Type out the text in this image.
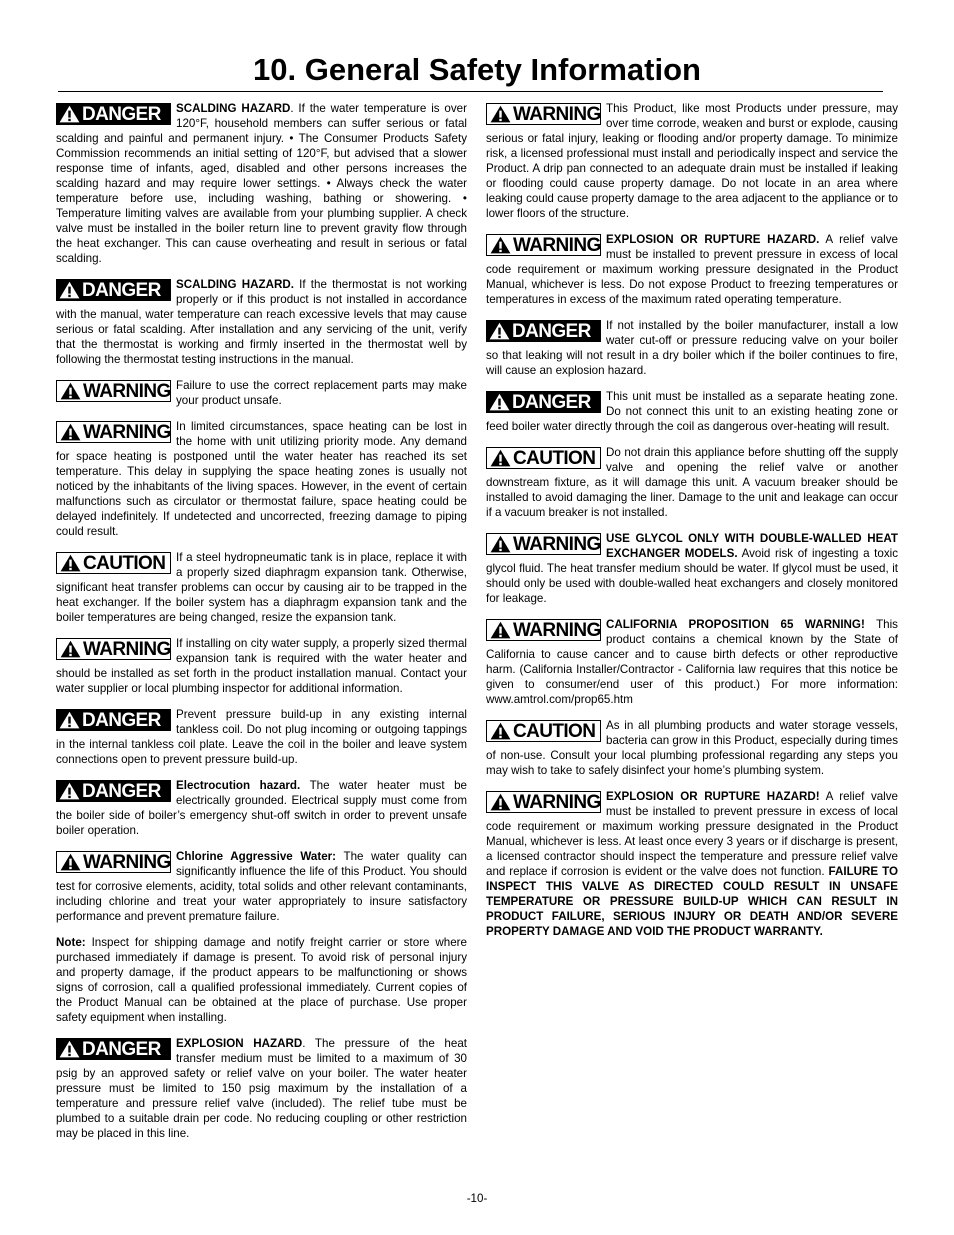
10. General Safety Information
DANGER	SCALDING HAZARD. If the water temperature is over 120°F, household members can suffer serious or fatal scalding and painful and permanent injury. • The Consumer Products Safety Commission recommends an initial setting of 120°F, but advised that a slower response time of infants, aged, disabled and other persons increases the scalding hazard and may require lower settings. • Always check the water temperature before use, including washing, bathing or showering. • Temperature limiting valves are available from your plumbing supplier. A check valve must be installed in the boiler return line to prevent gravity flow through the heat exchanger. This can cause overheating and result in serious or fatal scalding.

DANGER	SCALDING HAZARD. If the thermostat is not working properly or if this product is not installed in accordance with the manual, water temperature can reach excessive levels that may cause serious or fatal scalding. After installation and any servicing of the unit, verify that the thermostat is working and firmly inserted in the thermostat well by following the thermostat testing instructions in the manual.

WARNING Failure to use the correct replacement parts may make your product unsafe.

WARNING In limited circumstances, space heating can be lost in the home with unit utilizing priority mode. Any demand for space heating is postponed until the water heater has reached its set temperature. This delay in supplying the space heating zones is usually not noticed by the inhabitants of the living spaces. However, in the event of certain malfunctions such as circulator or thermostat failure, space heating could be delayed indefinitely. If undetected and uncorrected, freezing damage to piping could result.

CAUTION If a steel hydropneumatic tank is in place, replace it with a properly sized diaphragm expansion tank. Otherwise, significant heat transfer problems can occur by causing air to be trapped in the heat exchanger. If the boiler system has a diaphragm expansion tank and the boiler temperatures are being changed, resize the expansion tank.

WARNING If installing on city water supply, a properly sized thermal expansion tank is required with the water heater and should be installed as set forth in the product installation manual. Contact your water supplier or local plumbing inspector for additional information.

DANGER	Prevent pressure build-up in any existing internal tankless coil. Do not plug incoming or outgoing tappings in the internal tankless coil plate. Leave the coil in the boiler and leave system connections open to prevent pressure build-up.

DANGER	Electrocution hazard. The water heater must be electrically grounded. Electrical supply must come from the boiler side of boiler’s emergency shut-off switch in order to prevent unsafe boiler operation.

WARNING Chlorine Aggressive Water: The water quality can significantly influence the life of this Product. You should test for corrosive elements, acidity, total solids and other relevant contaminants, including chlorine and treat your water appropriately to insure satisfactory performance and prevent premature failure.

Note: Inspect for shipping damage and notify freight carrier or store where purchased immediately if damage is present. To avoid risk of personal injury and property damage, if the product appears to be malfunctioning or shows signs of corrosion, call a qualified professional immediately. Current copies of the Product Manual can be obtained at the place of purchase. Use proper safety equipment when installing.

DANGER	EXPLOSION HAZARD. The pressure of the heat transfer medium must be limited to a maximum of 30 psig by an approved safety or relief valve on your boiler. The water heater pressure must be limited to 150 psig maximum by the installation of a temperature and pressure relief valve (included). The relief tube must be plumbed to a suitable drain per code. No reducing coupling or other restriction may be placed in this line.

WARNING This Product, like most Products under pressure, may over time corrode, weaken and burst or explode, causing serious or fatal injury, leaking or flooding and/or property damage. To minimize risk, a licensed professional must install and periodically inspect and service the Product. A drip pan connected to an adequate drain must be installed if leaking or flooding could cause property damage. Do not locate in an area where leaking could cause property damage to the area adjacent to the appliance or to lower floors of the structure.

WARNING EXPLOSION OR RUPTURE HAZARD. A relief valve must be installed to prevent pressure in excess of local code requirement or maximum working pressure designated in the Product Manual, whichever is less. Do not expose Product to freezing temperatures or temperatures in excess of the maximum rated operating temperature.

DANGER	If not installed by the boiler manufacturer, install a low water cut-off or pressure reducing valve on your boiler so that leaking will not result in a dry boiler which if the boiler continues to fire, will cause an explosion hazard.

DANGER	This unit must be installed as a separate heating zone. Do not connect this unit to an existing heating zone or feed boiler water directly through the coil as dangerous over-heating will result.

CAUTION Do not drain this appliance before shutting off the supply valve and opening the relief valve or another downstream fixture, as it will damage this unit. A vacuum breaker should be installed to avoid damaging the liner. Damage to the unit and leakage can occur if a vacuum breaker is not installed.

WARNING USE GLYCOL ONLY WITH DOUBLE-WALLED HEAT EXCHANGER MODELS. Avoid risk of ingesting a toxic glycol fluid. The heat transfer medium should be water. If glycol must be used, it should only be used with double-walled heat exchangers and closely monitored for leakage.

WARNING CALIFORNIA PROPOSITION 65 WARNING! This product contains a chemical known by the State of California to cause cancer and to cause birth defects or other reproductive harm. (California Installer/Contractor - California law requires that this notice be given to consumer/end user of this product.) For more information: www.amtrol.com/prop65.htm

CAUTION As in all plumbing products and water storage vessels, bacteria can grow in this Product, especially during times of non-use. Consult your local plumbing professional regarding any steps you may wish to take to safely disinfect your home’s plumbing system.

WARNING EXPLOSION OR RUPTURE HAZARD! A relief valve must be installed to prevent pressure in excess of local code requirement or maximum working pressure designated in the Product Manual, whichever is less. At least once every 3 years or if discharge is present, a licensed contractor should inspect the temperature and pressure relief valve and replace if corrosion is evident or the valve does not function. FAILURE TO INSPECT THIS VALVE AS DIRECTED COULD RESULT IN UNSAFE TEMPERATURE OR PRESSURE BUILD-UP WHICH CAN RESULT IN PRODUCT FAILURE, SERIOUS INJURY OR DEATH AND/OR SEVERE PROPERTY DAMAGE AND VOID THE PRODUCT WARRANTY.

-10-
